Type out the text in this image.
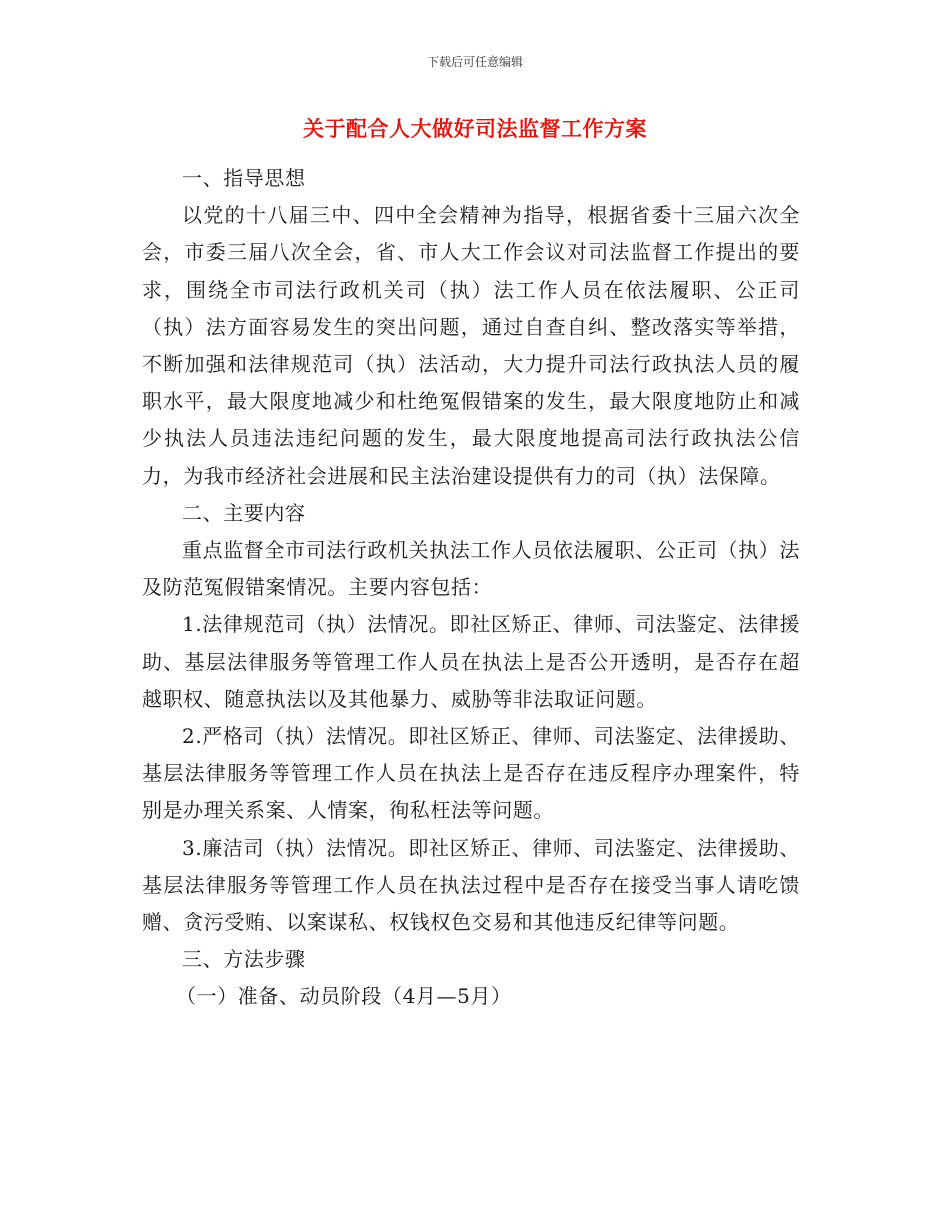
下载后可任意编辑
关于配合人大做好司法监督工作方案

一、指导思想

以党的十八届三中、四中全会精神为指导，根据省委十三届六次全会，市委三届八次全会，省、市人大工作会议对司法监督工作提出的要求，围绕全市司法行政机关司（执）法工作人员在依法履职、公正司（执）法方面容易发生的突出问题，通过自查自纠、整改落实等举措，不断加强和法律规范司（执）法活动，大力提升司法行政执法人员的履职水平，最大限度地减少和杜绝冤假错案的发生，最大限度地防止和减少执法人员违法违纪问题的发生，最大限度地提高司法行政执法公信力，为我市经济社会进展和民主法治建设提供有力的司（执）法保障。

二、主要内容

重点监督全市司法行政机关执法工作人员依法履职、公正司（执）法及防范冤假错案情况。主要内容包括：

1.法律规范司（执）法情况。即社区矫正、律师、司法鉴定、法律援助、基层法律服务等管理工作人员在执法上是否公开透明，是否存在超越职权、随意执法以及其他暴力、威胁等非法取证问题。

2.严格司（执）法情况。即社区矫正、律师、司法鉴定、法律援助、基层法律服务等管理工作人员在执法上是否存在违反程序办理案件，特别是办理关系案、人情案，徇私枉法等问题。

3.廉洁司（执）法情况。即社区矫正、律师、司法鉴定、法律援助、基层法律服务等管理工作人员在执法过程中是否存在接受当事人请吃馈赠、贪污受贿、以案谋私、权钱权色交易和其他违反纪律等问题。

三、方法步骤

（一）准备、动员阶段（4月—5月）
